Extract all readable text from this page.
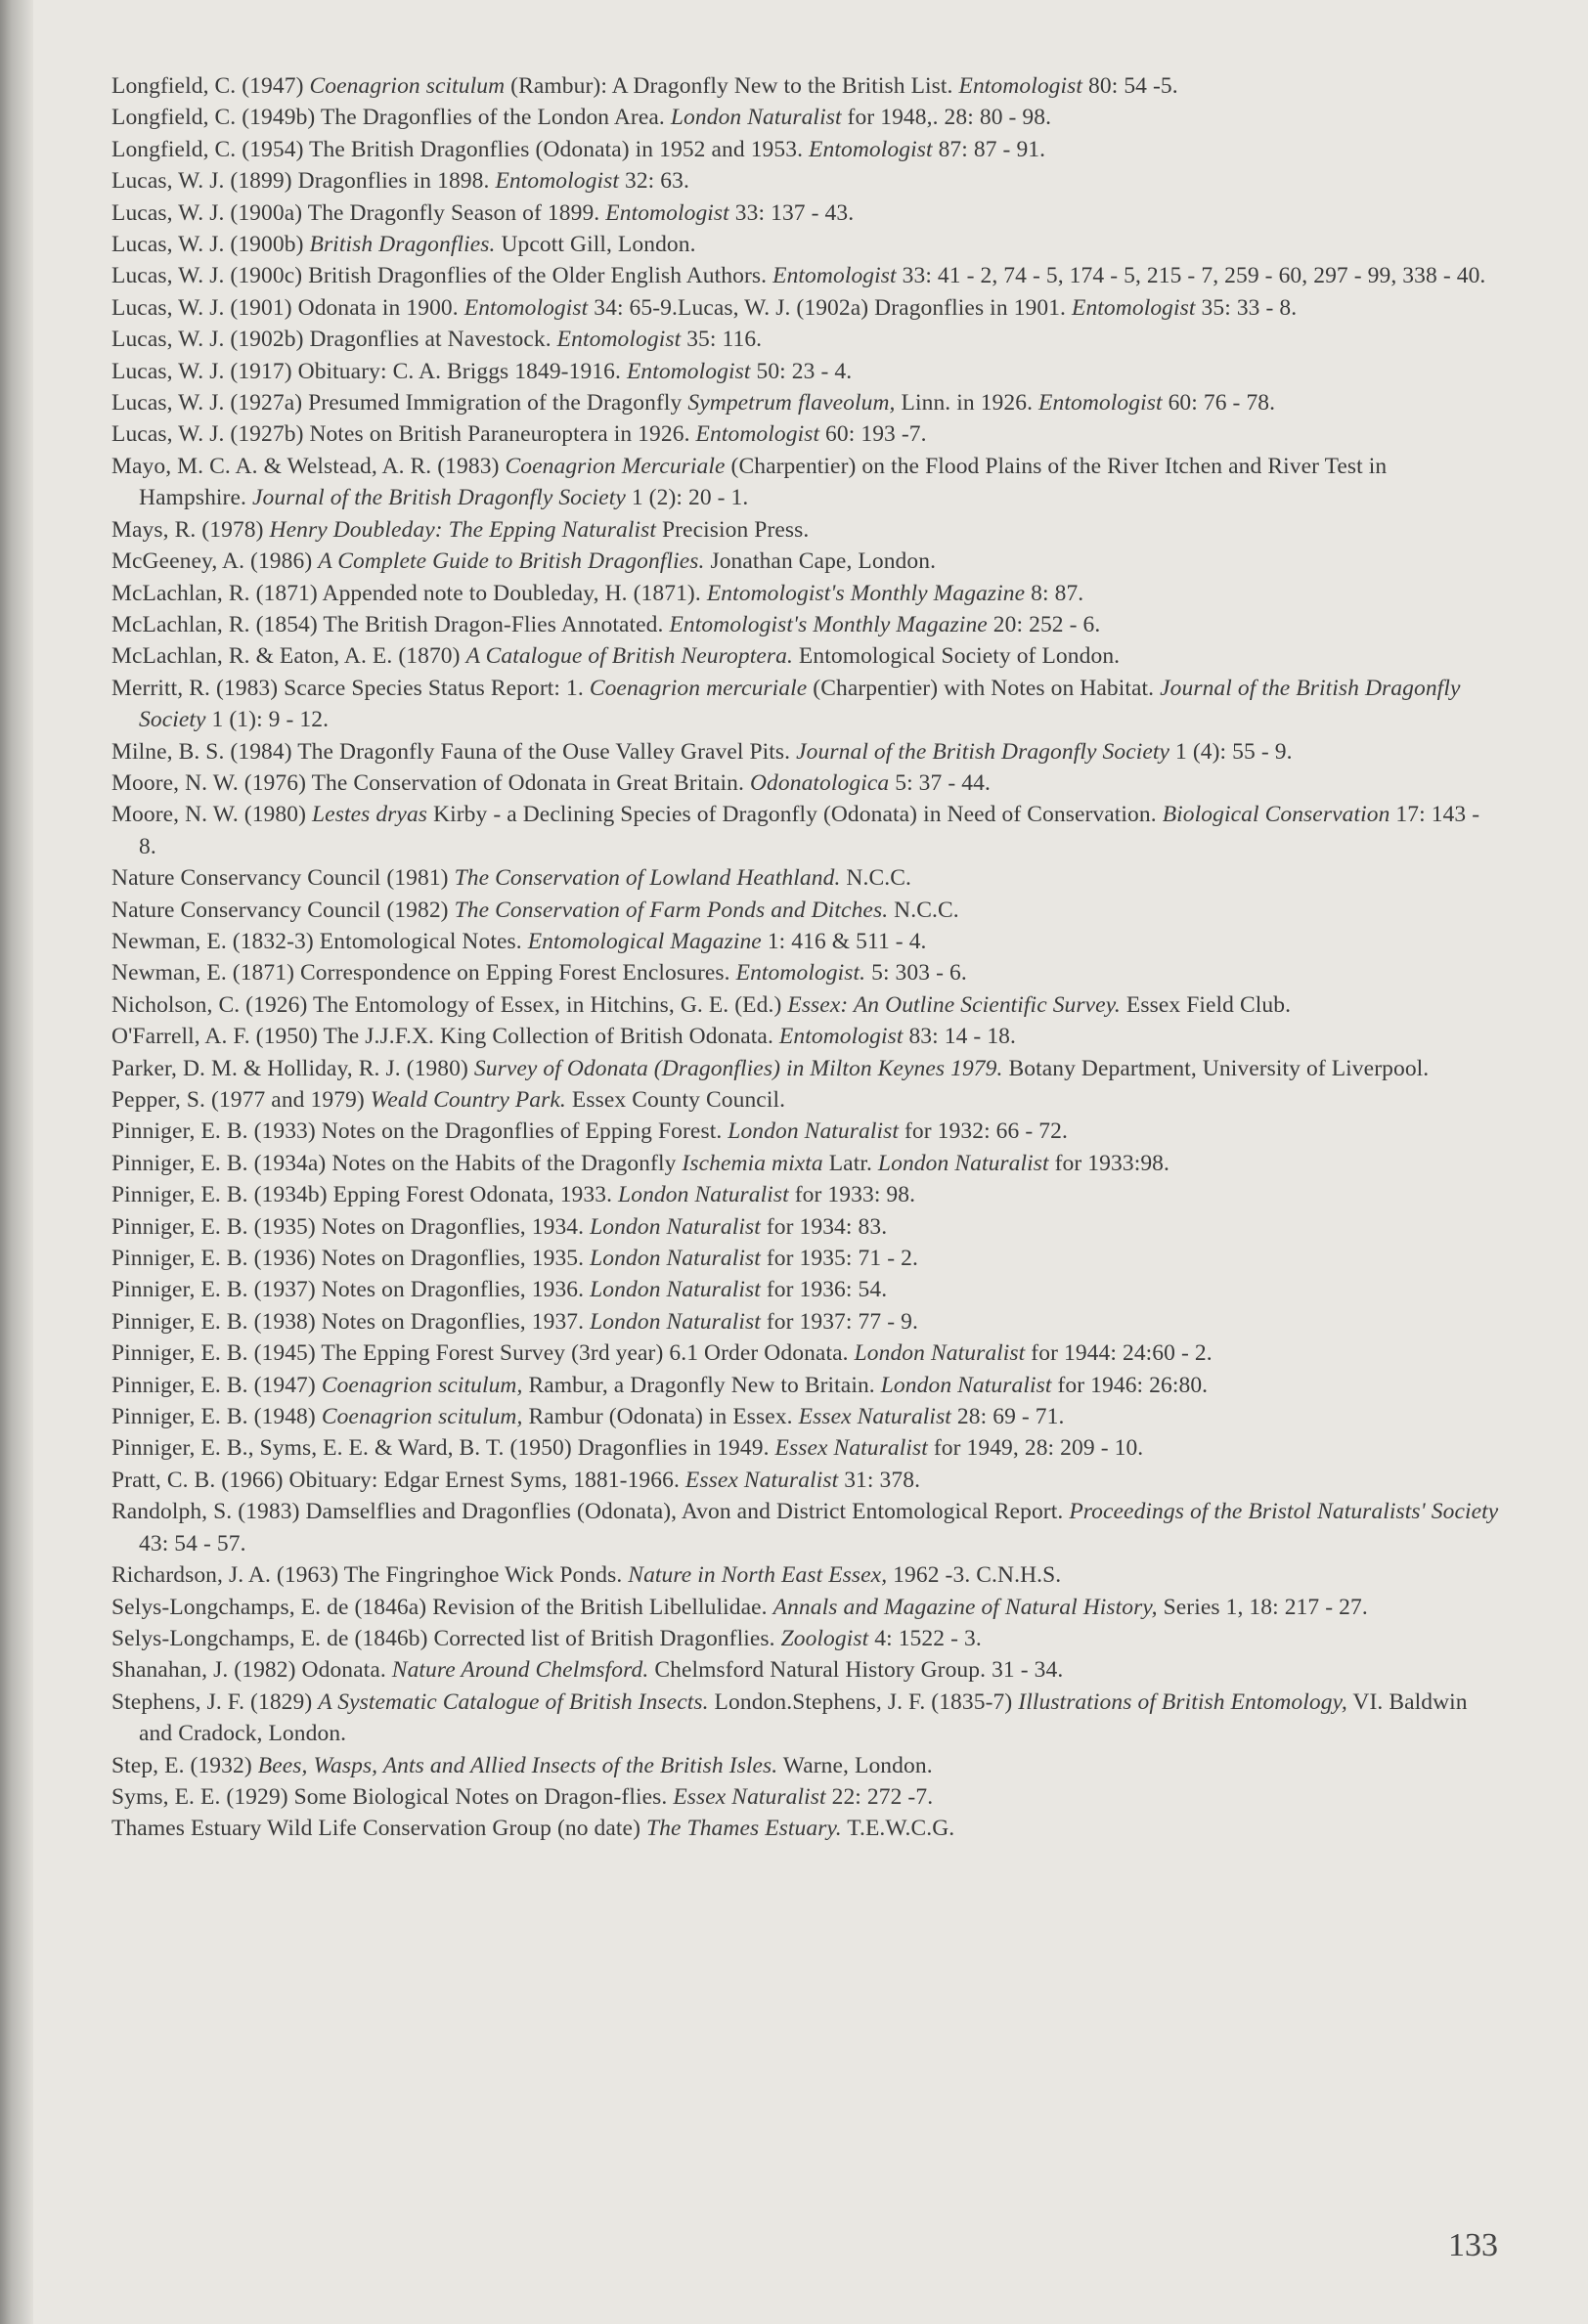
Longfield, C. (1947) Coenagrion scitulum (Rambur): A Dragonfly New to the British List. Entomologist 80: 54 -5.
Longfield, C. (1949b) The Dragonflies of the London Area. London Naturalist for 1948,. 28: 80 - 98.
Longfield, C. (1954) The British Dragonflies (Odonata) in 1952 and 1953. Entomologist 87: 87 - 91.
Lucas, W. J. (1899) Dragonflies in 1898. Entomologist 32: 63.
Lucas, W. J. (1900a) The Dragonfly Season of 1899. Entomologist 33: 137 - 43.
Lucas, W. J. (1900b) British Dragonflies. Upcott Gill, London.
Lucas, W. J. (1900c) British Dragonflies of the Older English Authors. Entomologist 33: 41 - 2, 74 - 5, 174 - 5, 215 - 7, 259 - 60, 297 - 99, 338 - 40.
Lucas, W. J. (1901) Odonata in 1900. Entomologist 34: 65-9.Lucas, W. J. (1902a) Dragonflies in 1901. Entomologist 35: 33 - 8.
Lucas, W. J. (1902b) Dragonflies at Navestock. Entomologist 35: 116.
Lucas, W. J. (1917) Obituary: C. A. Briggs 1849-1916. Entomologist 50: 23 - 4.
Lucas, W. J. (1927a) Presumed Immigration of the Dragonfly Sympetrum flaveolum, Linn. in 1926. Entomologist 60: 76 - 78.
Lucas, W. J. (1927b) Notes on British Paraneuroptera in 1926. Entomologist 60: 193 -7.
Mayo, M. C. A. & Welstead, A. R. (1983) Coenagrion Mercuriale (Charpentier) on the Flood Plains of the River Itchen and River Test in Hampshire. Journal of the British Dragonfly Society 1 (2): 20 - 1.
Mays, R. (1978) Henry Doubleday: The Epping Naturalist Precision Press.
McGeeney, A. (1986) A Complete Guide to British Dragonflies. Jonathan Cape, London.
McLachlan, R. (1871) Appended note to Doubleday, H. (1871). Entomologist's Monthly Magazine 8: 87.
McLachlan, R. (1854) The British Dragon-Flies Annotated. Entomologist's Monthly Magazine 20: 252 - 6.
McLachlan, R. & Eaton, A. E. (1870) A Catalogue of British Neuroptera. Entomological Society of London.
Merritt, R. (1983) Scarce Species Status Report: 1. Coenagrion mercuriale (Charpentier) with Notes on Habitat. Journal of the British Dragonfly Society 1 (1): 9 - 12.
Milne, B. S. (1984) The Dragonfly Fauna of the Ouse Valley Gravel Pits. Journal of the British Dragonfly Society 1 (4): 55 - 9.
Moore, N. W. (1976) The Conservation of Odonata in Great Britain. Odonatologica 5: 37 - 44.
Moore, N. W. (1980) Lestes dryas Kirby - a Declining Species of Dragonfly (Odonata) in Need of Conservation. Biological Conservation 17: 143 - 8.
Nature Conservancy Council (1981) The Conservation of Lowland Heathland. N.C.C.
Nature Conservancy Council (1982) The Conservation of Farm Ponds and Ditches. N.C.C.
Newman, E. (1832-3) Entomological Notes. Entomological Magazine 1: 416 & 511 - 4.
Newman, E. (1871) Correspondence on Epping Forest Enclosures. Entomologist. 5: 303 - 6.
Nicholson, C. (1926) The Entomology of Essex, in Hitchins, G. E. (Ed.) Essex: An Outline Scientific Survey. Essex Field Club.
O'Farrell, A. F. (1950) The J.J.F.X. King Collection of British Odonata. Entomologist 83: 14 - 18.
Parker, D. M. & Holliday, R. J. (1980) Survey of Odonata (Dragonflies) in Milton Keynes 1979. Botany Department, University of Liverpool.
Pepper, S. (1977 and 1979) Weald Country Park. Essex County Council.
Pinniger, E. B. (1933) Notes on the Dragonflies of Epping Forest. London Naturalist for 1932: 66 - 72.
Pinniger, E. B. (1934a) Notes on the Habits of the Dragonfly Ischemia mixta Latr. London Naturalist for 1933:98.
Pinniger, E. B. (1934b) Epping Forest Odonata, 1933. London Naturalist for 1933: 98.
Pinniger, E. B. (1935) Notes on Dragonflies, 1934. London Naturalist for 1934: 83.
Pinniger, E. B. (1936) Notes on Dragonflies, 1935. London Naturalist for 1935: 71 - 2.
Pinniger, E. B. (1937) Notes on Dragonflies, 1936. London Naturalist for 1936: 54.
Pinniger, E. B. (1938) Notes on Dragonflies, 1937. London Naturalist for 1937: 77 - 9.
Pinniger, E. B. (1945) The Epping Forest Survey (3rd year) 6.1 Order Odonata. London Naturalist for 1944: 24:60 - 2.
Pinniger, E. B. (1947) Coenagrion scitulum, Rambur, a Dragonfly New to Britain. London Naturalist for 1946: 26:80.
Pinniger, E. B. (1948) Coenagrion scitulum, Rambur (Odonata) in Essex. Essex Naturalist 28: 69 - 71.
Pinniger, E. B., Syms, E. E. & Ward, B. T. (1950) Dragonflies in 1949. Essex Naturalist for 1949, 28: 209 - 10.
Pratt, C. B. (1966) Obituary: Edgar Ernest Syms, 1881-1966. Essex Naturalist 31: 378.
Randolph, S. (1983) Damselflies and Dragonflies (Odonata), Avon and District Entomological Report. Proceedings of the Bristol Naturalists' Society 43: 54 - 57.
Richardson, J. A. (1963) The Fingringhoe Wick Ponds. Nature in North East Essex, 1962 -3. C.N.H.S.
Selys-Longchamps, E. de (1846a) Revision of the British Libellulidae. Annals and Magazine of Natural History, Series 1, 18: 217 - 27.
Selys-Longchamps, E. de (1846b) Corrected list of British Dragonflies. Zoologist 4: 1522 - 3.
Shanahan, J. (1982) Odonata. Nature Around Chelmsford. Chelmsford Natural History Group. 31 - 34.
Stephens, J. F. (1829) A Systematic Catalogue of British Insects. London.Stephens, J. F. (1835-7) Illustrations of British Entomology, VI. Baldwin and Cradock, London.
Step, E. (1932) Bees, Wasps, Ants and Allied Insects of the British Isles. Warne, London.
Syms, E. E. (1929) Some Biological Notes on Dragon-flies. Essex Naturalist 22: 272 -7.
Thames Estuary Wild Life Conservation Group (no date) The Thames Estuary. T.E.W.C.G.
133
